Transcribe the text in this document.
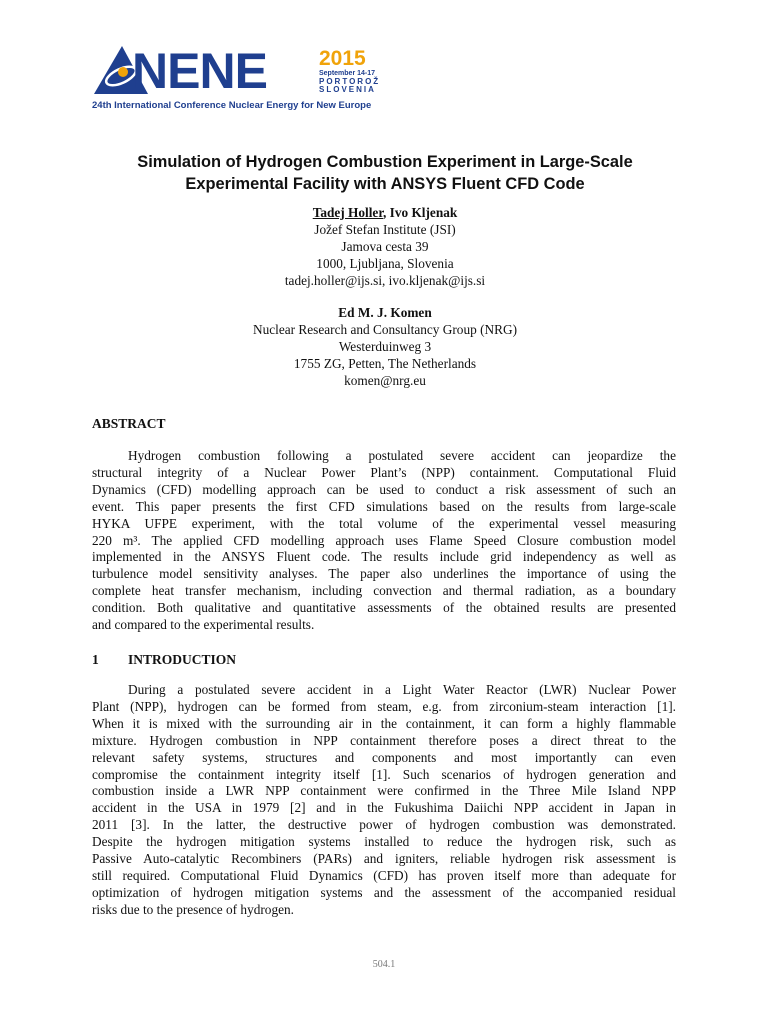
NENE 2015
September 14-17
PORTOROŽ
SLOVENIA
24th International Conference Nuclear Energy for New Europe
Simulation of Hydrogen Combustion Experiment in Large-Scale
Experimental Facility with ANSYS Fluent CFD Code
Tadej Holler, Ivo Kljenak
Jožef Stefan Institute (JSI)
Jamova cesta 39
1000, Ljubljana, Slovenia
tadej.holler@ijs.si, ivo.kljenak@ijs.si
Ed M. J. Komen
Nuclear Research and Consultancy Group (NRG)
Westerduinweg 3
1755 ZG, Petten, The Netherlands
komen@nrg.eu
ABSTRACT
Hydrogen combustion following a postulated severe accident can jeopardize the
structural integrity of a Nuclear Power Plant’s (NPP) containment. Computational Fluid
Dynamics (CFD) modelling approach can be used to conduct a risk assessment of such an
event. This paper presents the first CFD simulations based on the results from large-scale
HYKA UFPE experiment, with the total volume of the experimental vessel measuring
220 m³. The applied CFD modelling approach uses Flame Speed Closure combustion model
implemented in the ANSYS Fluent code. The results include grid independency as well as
turbulence model sensitivity analyses. The paper also underlines the importance of using the
complete heat transfer mechanism, including convection and thermal radiation, as a boundary
condition. Both qualitative and quantitative assessments of the obtained results are presented
and compared to the experimental results.
1 INTRODUCTION
During a postulated severe accident in a Light Water Reactor (LWR) Nuclear Power
Plant (NPP), hydrogen can be formed from steam, e.g. from zirconium-steam interaction [1].
When it is mixed with the surrounding air in the containment, it can form a highly flammable
mixture. Hydrogen combustion in NPP containment therefore poses a direct threat to the
relevant safety systems, structures and components and most importantly can even
compromise the containment integrity itself [1]. Such scenarios of hydrogen generation and
combustion inside a LWR NPP containment were confirmed in the Three Mile Island NPP
accident in the USA in 1979 [2] and in the Fukushima Daiichi NPP accident in Japan in
2011 [3]. In the latter, the destructive power of hydrogen combustion was demonstrated.
Despite the hydrogen mitigation systems installed to reduce the hydrogen risk, such as
Passive Auto-catalytic Recombiners (PARs) and igniters, reliable hydrogen risk assessment is
still required. Computational Fluid Dynamics (CFD) has proven itself more than adequate for
optimization of hydrogen mitigation systems and the assessment of the accompanied residual
risks due to the presence of hydrogen.
504.1
